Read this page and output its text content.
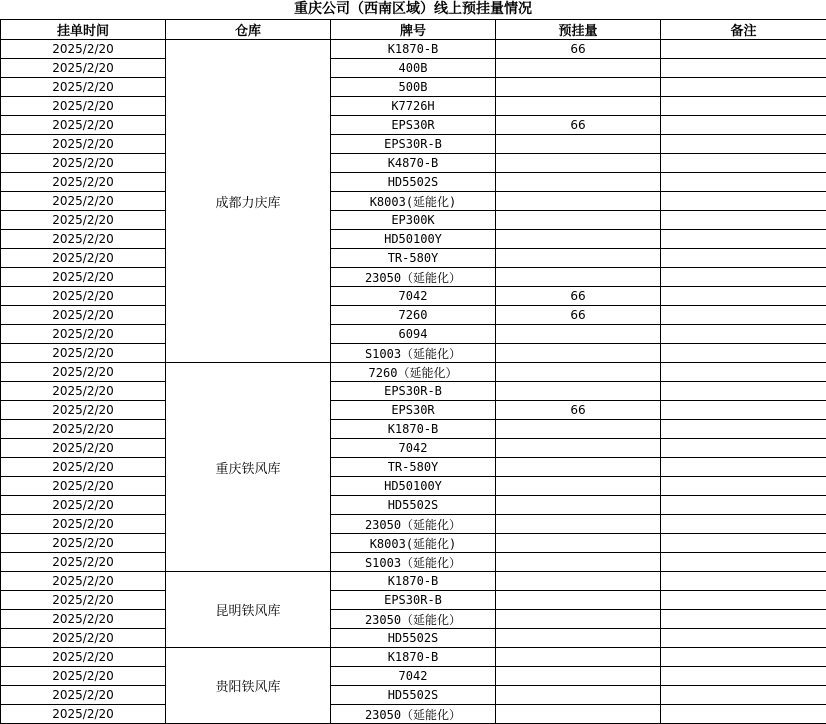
重庆公司（西南区域）线上预挂量情况
挂单时间	仓库	牌号	预挂量	备注
2025/2/20	成都力庆库	K1870-B	66	
2025/2/20		400B		
2025/2/20		500B		
2025/2/20		K7726H		
2025/2/20		EPS30R	66	
2025/2/20		EPS30R-B		
2025/2/20		K4870-B		
2025/2/20		HD5502S		
2025/2/20		K8003(延能化)		
2025/2/20		EP300K		
2025/2/20		HD50100Y		
2025/2/20		TR-580Y		
2025/2/20		23050（延能化）		
2025/2/20		7042	66	
2025/2/20		7260	66	
2025/2/20		6094		
2025/2/20		S1003（延能化）		
2025/2/20	重庆铁风库	7260（延能化）		
2025/2/20		EPS30R-B		
2025/2/20		EPS30R	66	
2025/2/20		K1870-B		
2025/2/20		7042		
2025/2/20		TR-580Y		
2025/2/20		HD50100Y		
2025/2/20		HD5502S		
2025/2/20		23050（延能化）		
2025/2/20		K8003(延能化)		
2025/2/20		S1003（延能化）		
2025/2/20	昆明铁风库	K1870-B		
2025/2/20		EPS30R-B		
2025/2/20		23050（延能化）		
2025/2/20		HD5502S		
2025/2/20	贵阳铁风库	K1870-B		
2025/2/20		7042		
2025/2/20		HD5502S		
2025/2/20		23050（延能化）		
